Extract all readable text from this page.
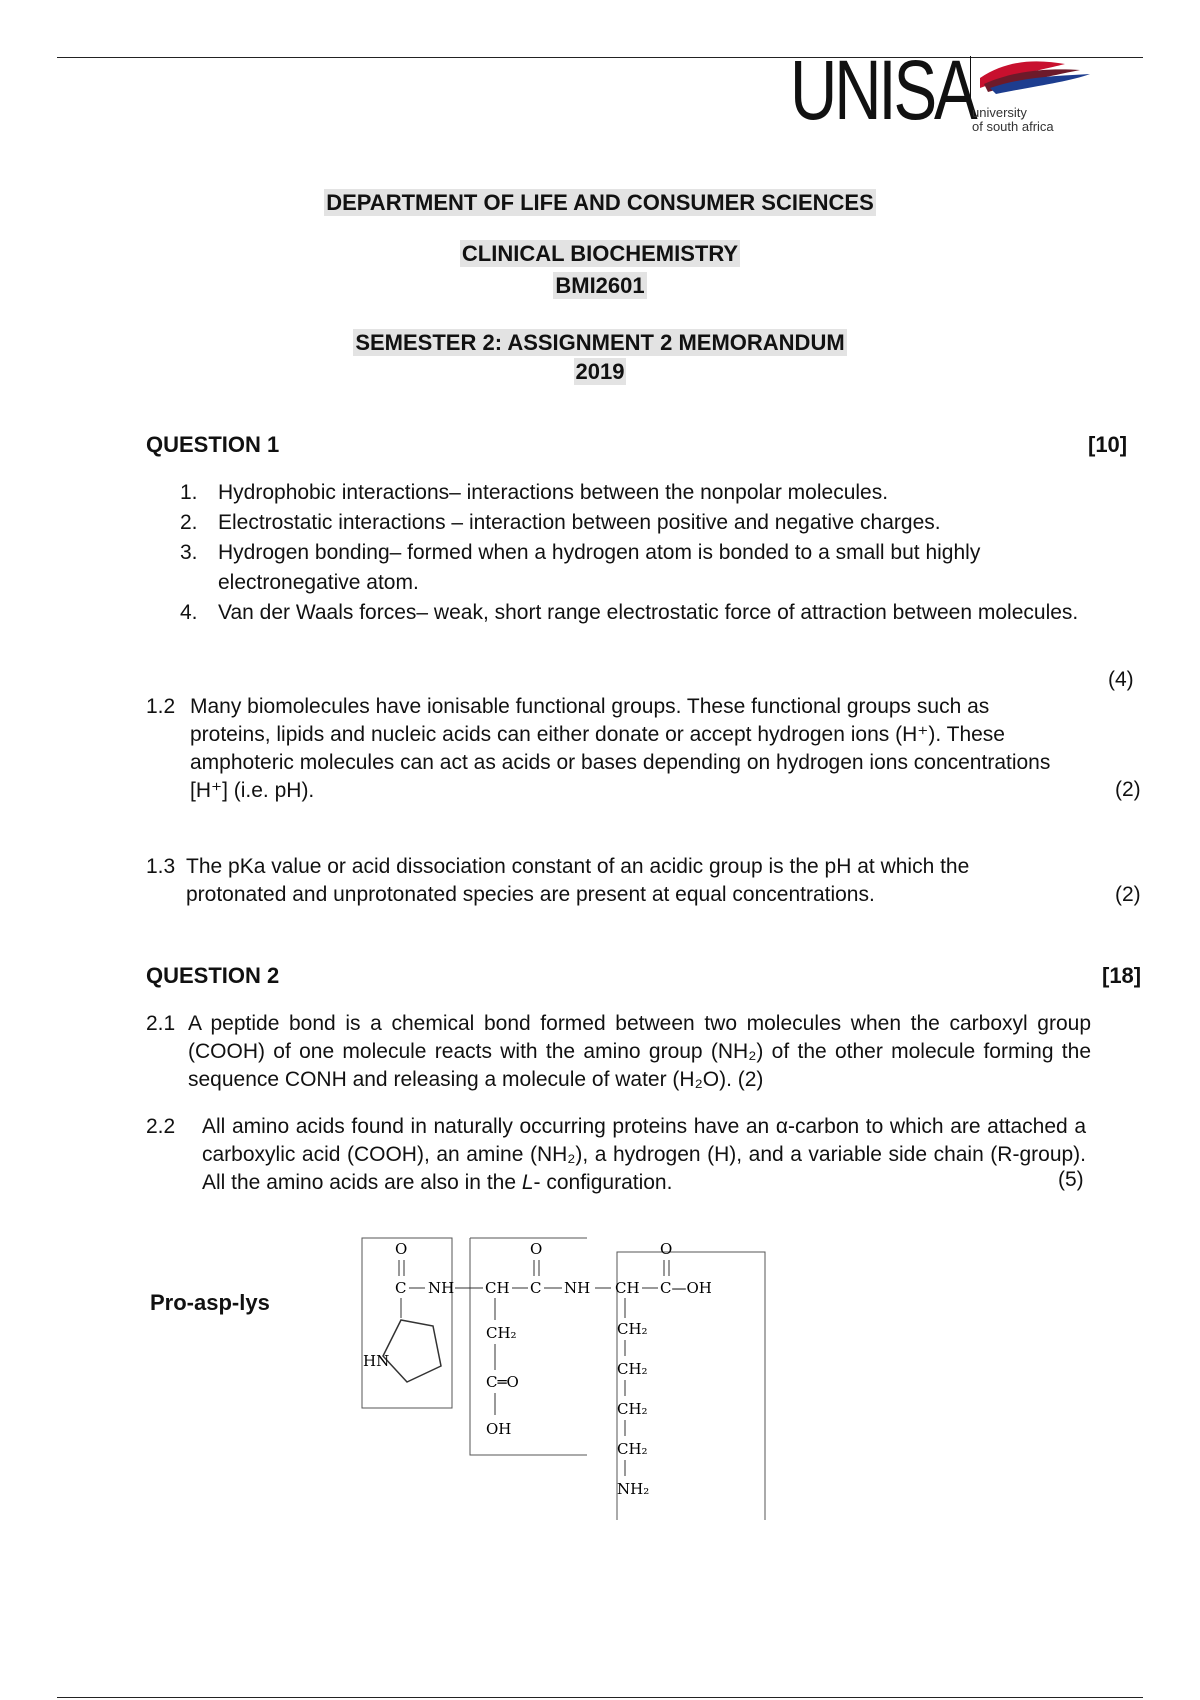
UNISA
university
of south africa
DEPARTMENT OF LIFE AND CONSUMER SCIENCES
CLINICAL BIOCHEMISTRY
BMI2601
SEMESTER 2: ASSIGNMENT 2 MEMORANDUM
2019
QUESTION 1	[10]
1. Hydrophobic interactions– interactions between the nonpolar molecules.
2. Electrostatic interactions – interaction between positive and negative charges.
3. Hydrogen bonding– formed when a hydrogen atom is bonded to a small but highly electronegative atom.
4. Van der Waals forces– weak, short range electrostatic force of attraction between molecules.
(4)
1.2 Many biomolecules have ionisable functional groups. These functional groups such as proteins, lipids and nucleic acids can either donate or accept hydrogen ions (H⁺). These amphoteric molecules can act as acids or bases depending on hydrogen ions concentrations [H⁺] (i.e. pH).	(2)
1.3 The pKa value or acid dissociation constant of an acidic group is the pH at which the protonated and unprotonated species are present at equal concentrations.	(2)
QUESTION 2	[18]
2.1 A peptide bond is a chemical bond formed between two molecules when the carboxyl group (COOH) of one molecule reacts with the amino group (NH₂) of the other molecule forming the sequence CONH and releasing a molecule of water (H₂O). (2)
2.2 All amino acids found in naturally occurring proteins have an α-carbon to which are attached a carboxylic acid (COOH), an amine (NH₂), a hydrogen (H), and a variable side chain (R-group). All the amino acids are also in the L- configuration.	(5)
Pro-asp-lys
O
C NH
HN
CH C
O
NH
CH₂
C═O
OH
CH
O
C—OH
CH₂
CH₂
CH₂
CH₂
NH₂
